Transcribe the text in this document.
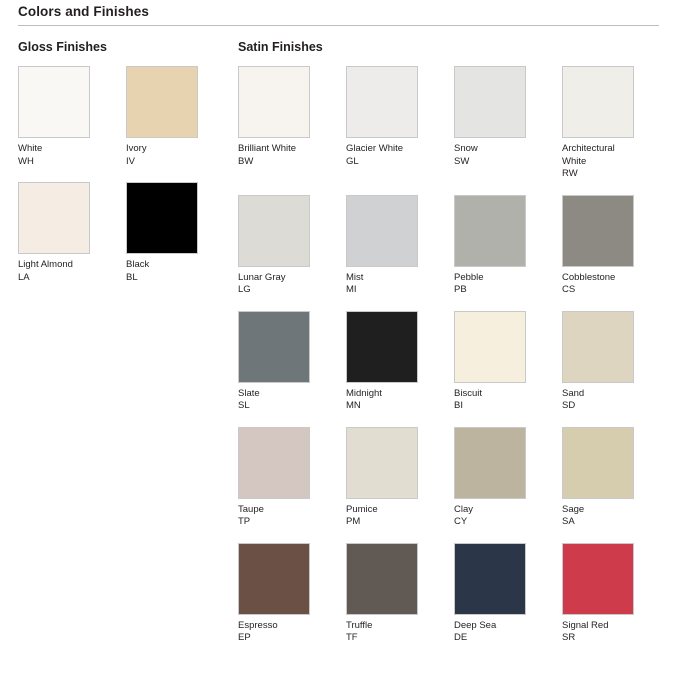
Colors and Finishes
Gloss Finishes
White
WH
Ivory
IV
Light Almond
LA
Black
BL
Satin Finishes
Brilliant White
BW
Glacier White
GL
Snow
SW
Architectural White
RW
Lunar Gray
LG
Mist
MI
Pebble
PB
Cobblestone
CS
Slate
SL
Midnight
MN
Biscuit
BI
Sand
SD
Taupe
TP
Pumice
PM
Clay
CY
Sage
SA
Espresso
EP
Truffle
TF
Deep Sea
DE
Signal Red
SR
